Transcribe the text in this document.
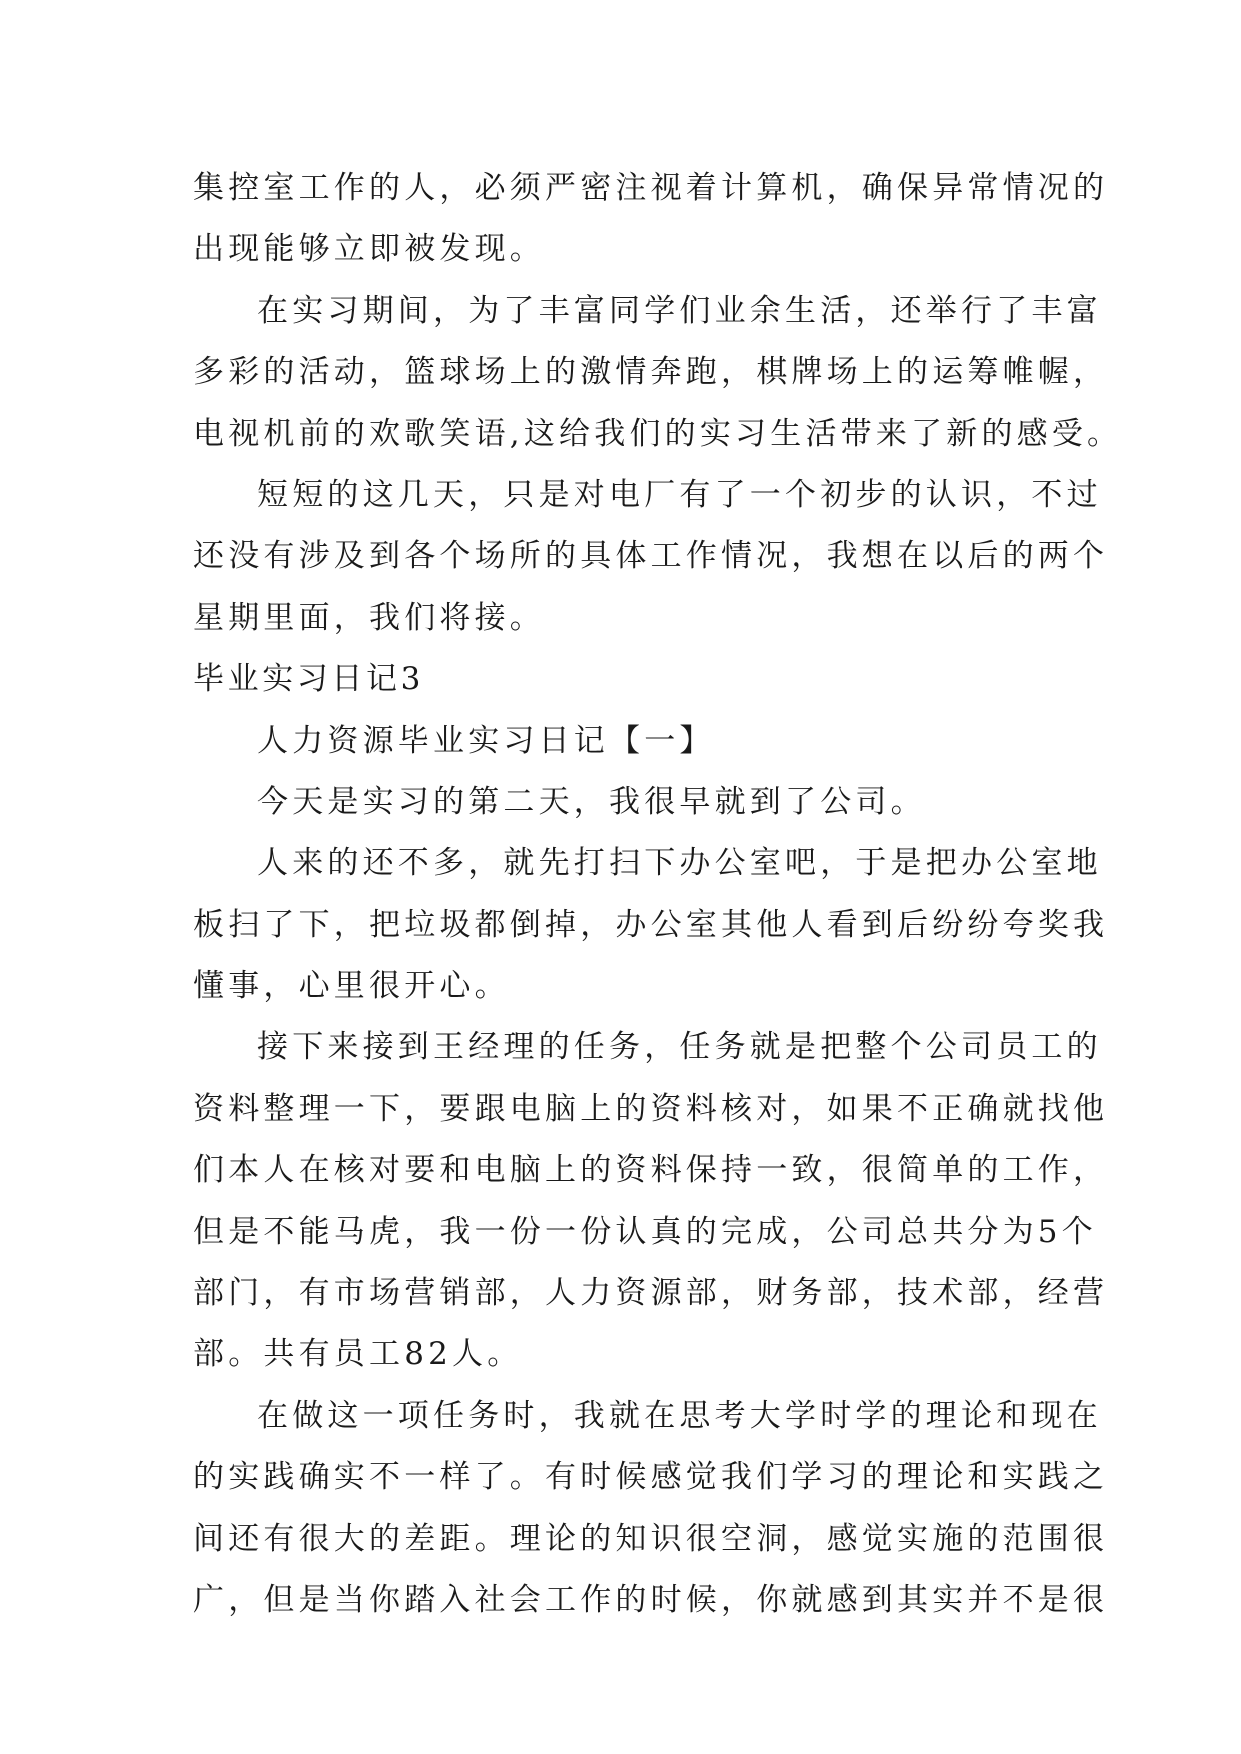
集控室工作的人，必须严密注视着计算机，确保异常情况的
出现能够立即被发现。
在实习期间，为了丰富同学们业余生活，还举行了丰富
多彩的活动，篮球场上的激情奔跑，棋牌场上的运筹帷幄，
电视机前的欢歌笑语,这给我们的实习生活带来了新的感受。
短短的这几天，只是对电厂有了一个初步的认识，不过
还没有涉及到各个场所的具体工作情况，我想在以后的两个
星期里面，我们将接。
毕业实习日记3
人力资源毕业实习日记【一】
今天是实习的第二天，我很早就到了公司。
人来的还不多，就先打扫下办公室吧，于是把办公室地
板扫了下，把垃圾都倒掉，办公室其他人看到后纷纷夸奖我
懂事，心里很开心。
接下来接到王经理的任务，任务就是把整个公司员工的
资料整理一下，要跟电脑上的资料核对，如果不正确就找他
们本人在核对要和电脑上的资料保持一致，很简单的工作，
但是不能马虎，我一份一份认真的完成，公司总共分为5个
部门，有市场营销部，人力资源部，财务部，技术部，经营
部。共有员工82人。
在做这一项任务时，我就在思考大学时学的理论和现在
的实践确实不一样了。有时候感觉我们学习的理论和实践之
间还有很大的差距。理论的知识很空洞，感觉实施的范围很
广，但是当你踏入社会工作的时候，你就感到其实并不是很
